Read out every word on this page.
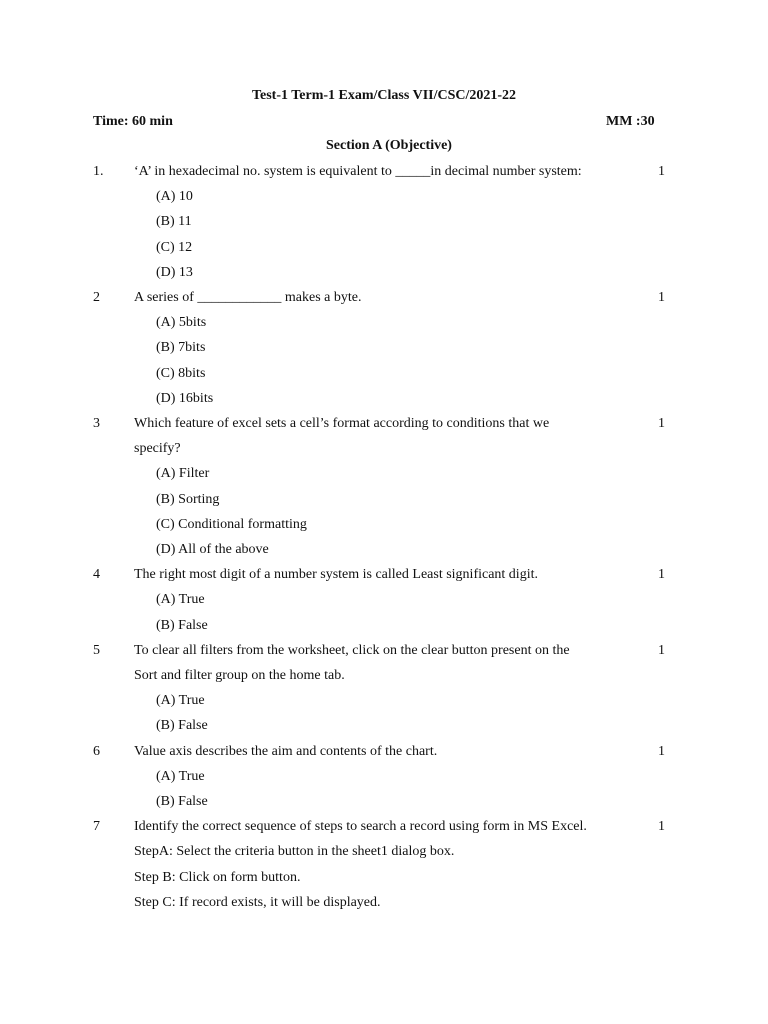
Test-1 Term-1 Exam/Class VII/CSC/2021-22
Time: 60 min	MM :30
Section A (Objective)
1. ‘A’ in hexadecimal no. system is equivalent to _____in decimal number system:	1
(A) 10
(B) 11
(C) 12
(D) 13
2 A series of ____________ makes a byte.	1
(A) 5bits
(B) 7bits
(C) 8bits
(D) 16bits
3 Which feature of excel sets a cell’s format according to conditions that we	1
specify?
(A) Filter
(B) Sorting
(C) Conditional formatting
(D) All of the above
4 The right most digit of a number system is called Least significant digit.	1
(A) True
(B) False
5 To clear all filters from the worksheet, click on the clear button present on the	1
Sort and filter group on the home tab.
(A) True
(B) False
6 Value axis describes the aim and contents of the chart.	1
(A) True
(B) False
7 Identify the correct sequence of steps to search a record using form in MS Excel.	1
StepA: Select the criteria button in the sheet1 dialog box.
Step B: Click on form button.
Step C: If record exists, it will be displayed.
